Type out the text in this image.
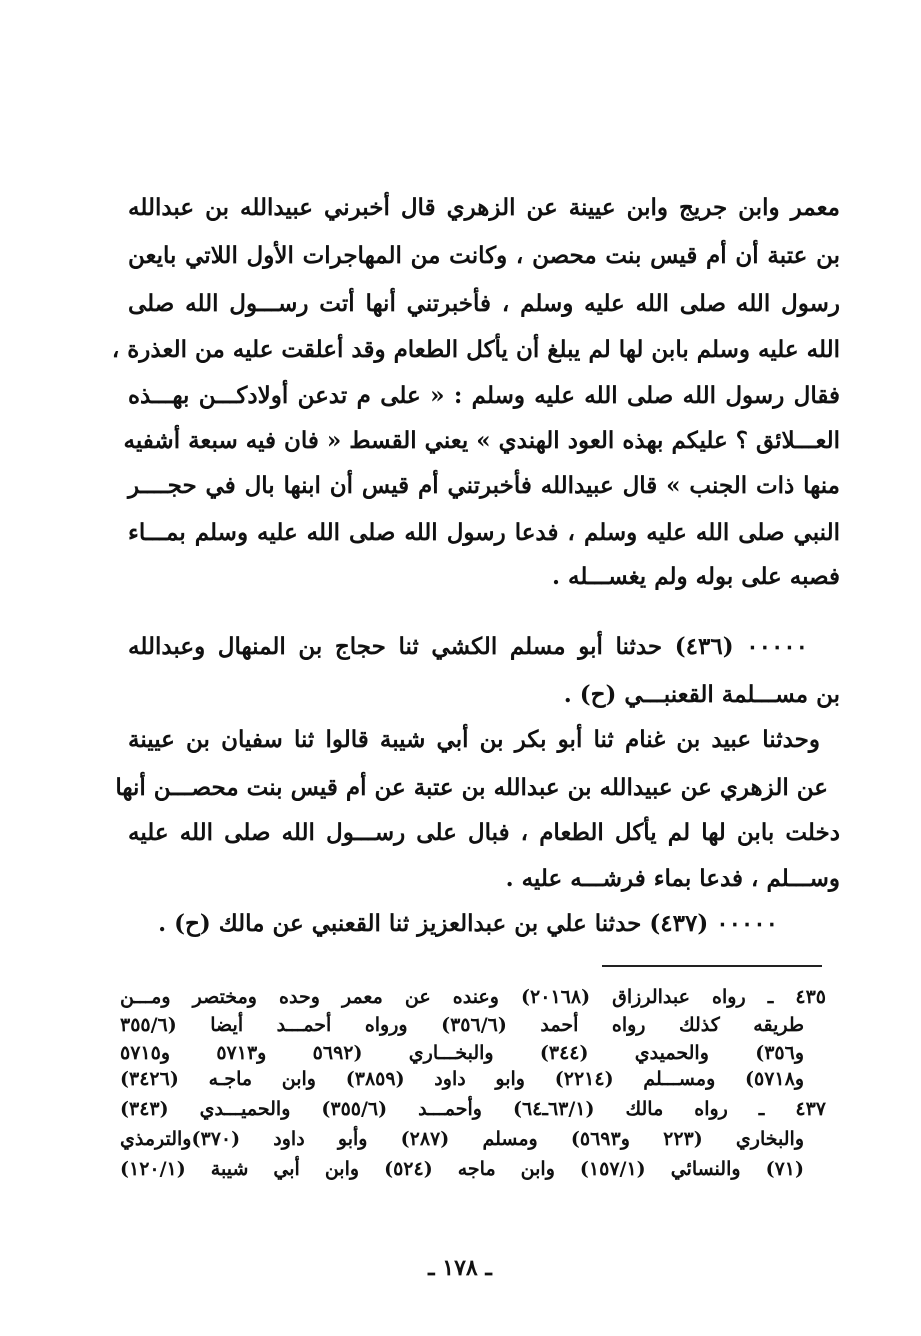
معمر وابن جريج وابن عيينة عن الزهري قال أخبرني عبيدالله بن عبدالله
بن عتبة أن أم قيس بنت محصن ، وكانت من المهاجرات الأول اللاتي بايعن
رسول الله صلى الله عليه وسلم ، فأخبرتني أنها أتت رســـول الله صلى
الله عليه وسلم بابن لها لم يبلغ أن يأكل الطعام وقد أعلقت عليه من العذرة ،
فقال رسول الله صلى الله عليه وسلم : « على م تدعن أولادكـــن بهـــذه
العـــلائق ؟ عليكم بهذه العود الهندي » يعني القسط « فان فيه سبعة أشفيه
منها ذات الجنب » قال عبيدالله فأخبرتني أم قيس أن ابنها بال في حجــــر
النبي صلى الله عليه وسلم ، فدعا رسول الله صلى الله عليه وسلم بمـــاء
فصبه على بوله ولم يغســـله .
٠٠٠٠٠ (٤٣٦) حدثنا أبو مسلم الكشي ثنا حجاج بن المنهال وعبدالله
بن مســـلمة القعنبـــي (ح) .
وحدثنا عبيد بن غنام ثنا أبو بكر بن أبي شيبة قالوا ثنا سفيان بن عيينة
عن الزهري عن عبيدالله بن عبدالله بن عتبة عن أم قيس بنت محصـــن أنها
دخلت بابن لها لم يأكل الطعام ، فبال على رســـول الله صلى الله عليه
وســـلم ، فدعا بماء فرشـــه عليه .
٠٠٠٠٠ (٤٣٧) حدثنا علي بن عبدالعزيز ثنا القعنبي عن مالك (ح) .
٤٣٥ ـ رواه عبدالرزاق (٢٠١٦٨) وعنده عن معمر وحده ومختصر ومـــن
طريقه كذلك رواه أحمد (٣٥٦/٦) ورواه أحمـــد أيضا (٣٥٥/٦
و٣٥٦) والحميدي (٣٤٤) والبخـــاري (٥٦٩٢ و٥٧١٣ و٥٧١٥
و٥٧١٨) ومســـلم (٢٢١٤) وابو داود (٣٨٥٩) وابن ماجـه (٣٤٢٦)
٤٣٧ ـ رواه مالك (٦٣/١ـ٦٤) وأحمـــد (٣٥٥/٦) والحميـــدي (٣٤٣)
والبخاري (٢٢٣ و٥٦٩٣) ومسلم (٢٨٧) وأبو داود (٣٧٠)والترمذي
(٧١) والنسائي (١٥٧/١) وابن ماجه (٥٢٤) وابن أبي شيبة (١٢٠/١)
ـ ١٧٨ ـ
